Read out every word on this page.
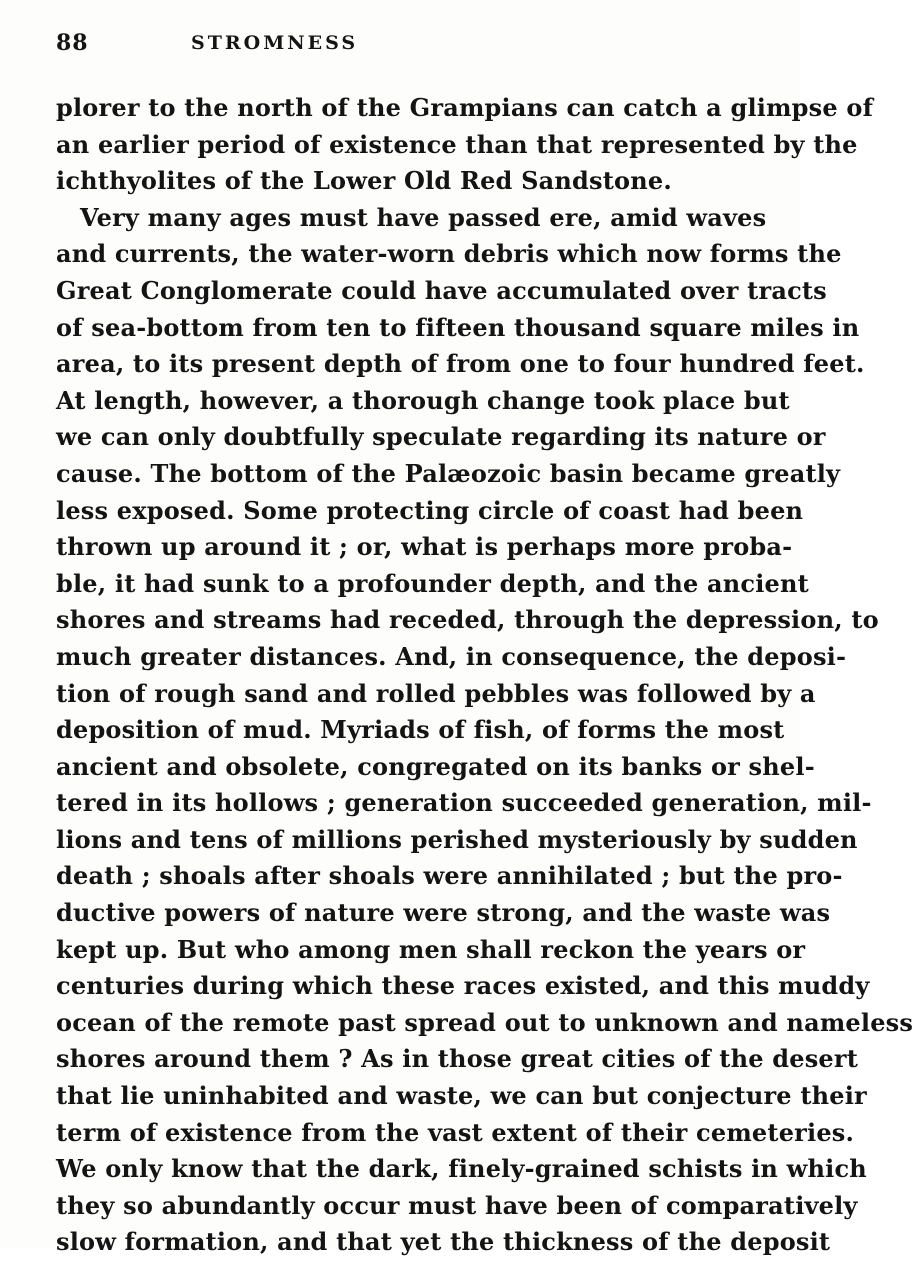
88	STROMNESS
plorer to the north of the Grampians can catch a glimpse of
an earlier period of existence than that represented by the
ichthyolites of the Lower Old Red Sandstone.
Very many ages must have passed ere, amid waves
and currents, the water-worn debris which now forms the
Great Conglomerate could have accumulated over tracts
of sea-bottom from ten to fifteen thousand square miles in
area, to its present depth of from one to four hundred feet.
At length, however, a thorough change took place but
we can only doubtfully speculate regarding its nature or
cause. The bottom of the Palæozoic basin became greatly
less exposed. Some protecting circle of coast had been
thrown up around it ; or, what is perhaps more proba-
ble, it had sunk to a profounder depth, and the ancient
shores and streams had receded, through the depression, to
much greater distances. And, in consequence, the deposi-
tion of rough sand and rolled pebbles was followed by a
deposition of mud. Myriads of fish, of forms the most
ancient and obsolete, congregated on its banks or shel-
tered in its hollows ; generation succeeded generation, mil-
lions and tens of millions perished mysteriously by sudden
death ; shoals after shoals were annihilated ; but the pro-
ductive powers of nature were strong, and the waste was
kept up. But who among men shall reckon the years or
centuries during which these races existed, and this muddy
ocean of the remote past spread out to unknown and nameless
shores around them ? As in those great cities of the desert
that lie uninhabited and waste, we can but conjecture their
term of existence from the vast extent of their cemeteries.
We only know that the dark, finely-grained schists in which
they so abundantly occur must have been of comparatively
slow formation, and that yet the thickness of the deposit
